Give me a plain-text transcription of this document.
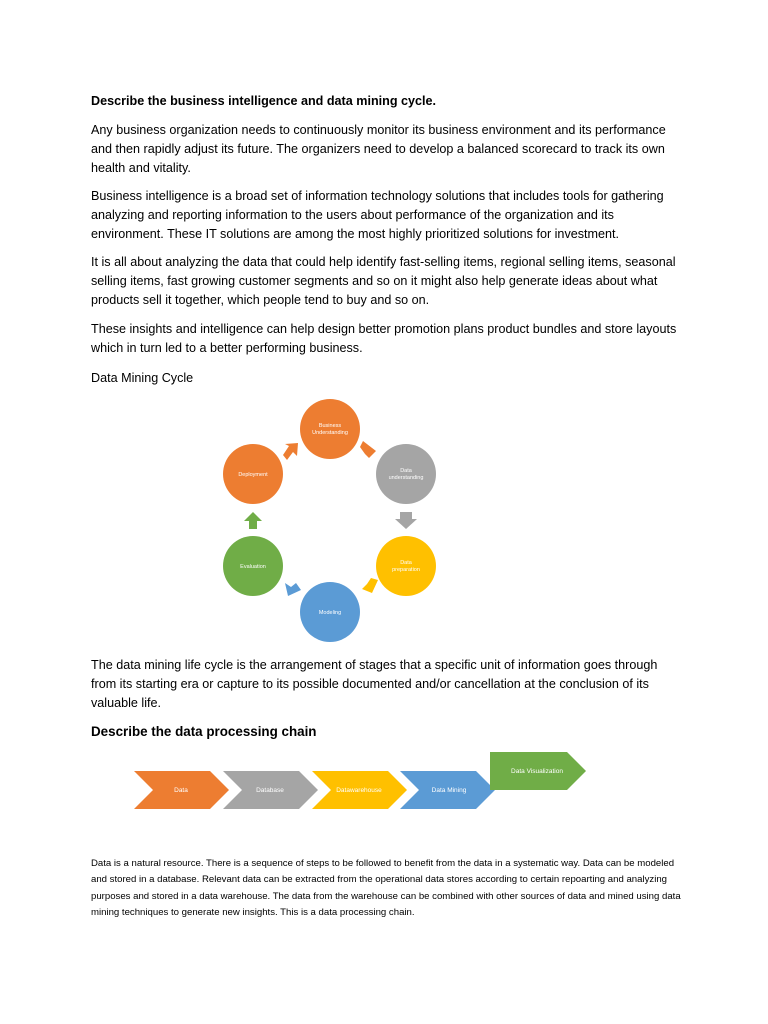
Describe the business intelligence and data mining cycle.

Any business organization needs to continuously monitor its business environment and its performance and then rapidly adjust its future. The organizers need to develop a balanced scorecard to track its own health and vitality.

Business intelligence is a broad set of information technology solutions that includes tools for gathering analyzing and reporting information to the users about performance of the organization and its environment. These IT solutions are among the most highly prioritized solutions for investment.

It is all about analyzing the data that could help identify fast-selling items, regional selling items, seasonal selling items, fast growing customer segments and so on it might also help generate ideas about what products sell it together, which people tend to buy and so on.

These insights and intelligence can help design better promotion plans product bundles and store layouts which in turn led to a better performing business.

Data Mining Cycle

Business
Understanding
Data
understanding
Data
preparation
Modeling
Evaluation
Deployment

The data mining life cycle is the arrangement of stages that a specific unit of information goes through from its starting era or capture to its possible documented and/or cancellation at the conclusion of its valuable life.

Describe the data processing chain

Data	Database	Datawarehouse	Data Mining
Data Visualization

Data is a natural resource. There is a sequence of steps to be followed to benefit from the data in a systematic way. Data can be modeled and stored in a database. Relevant data can be extracted from the operational data stores according to certain repoarting and analyzing purposes and stored in a data warehouse. The data from the warehouse can be combined with other sources of data and mined using data mining techniques to generate new insights. This is a data processing chain.
